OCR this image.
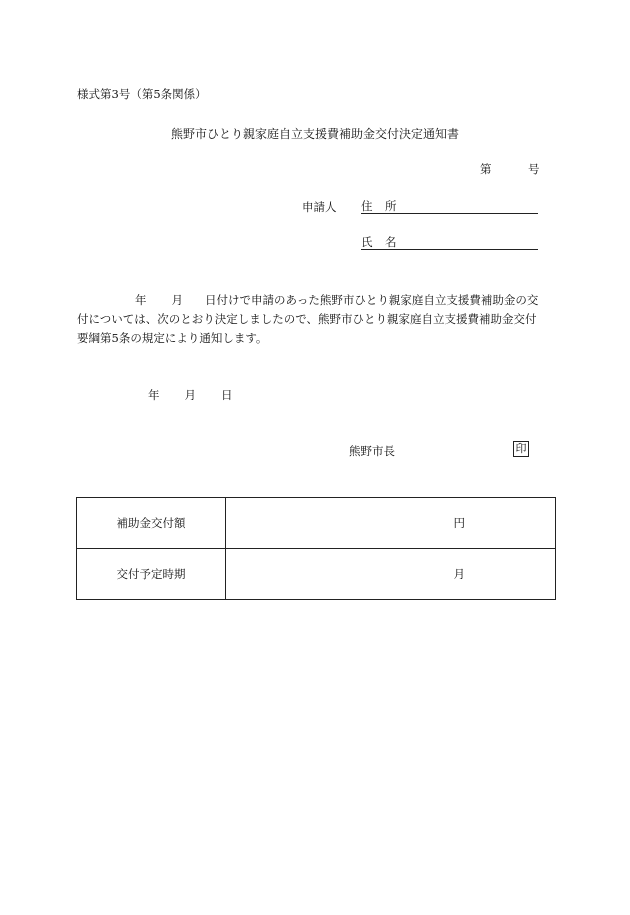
様式第3号（第5条関係）
熊野市ひとり親家庭自立支援費補助金交付決定通知書
第	号
申請人 住 所
氏 名

年 月 日付けで申請のあった熊野市ひとり親家庭自立支援費補助金の交

付については、次のとおり決定しましたので、熊野市ひとり親家庭自立支援費補助金交付

要綱第5条の規定により通知します。

年 月 日
熊野市長	印
補助金交付額	円
交付予定時期	月
